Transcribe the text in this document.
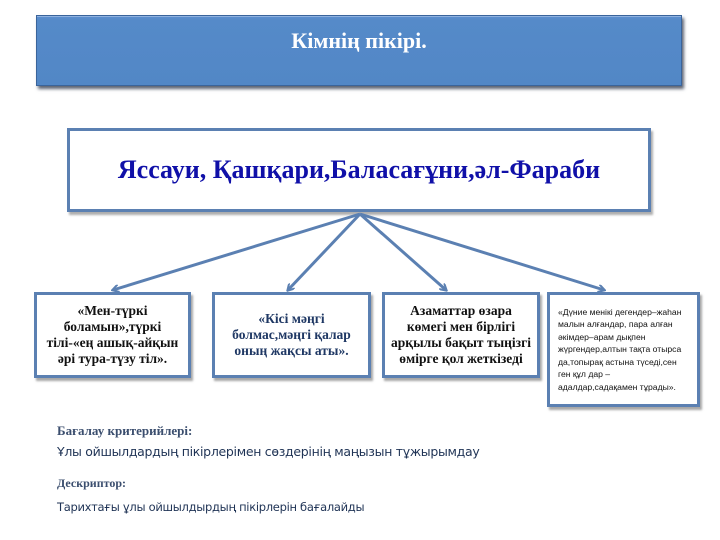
Кімнің пікірі.
Яссауи, Қашқари,Баласағұни,әл-Фараби
«Мен-түркі боламын»,түркі тілі-«ең ашық-айқын әрі тура-түзу тіл».
«Кісі мәңгі болмас,мәңгі қалар оның жақсы аты».
Азаматтар өзара көмегі мен бірлігі арқылы бақыт тыңізгі өмірге қол жеткізеді
«Дүние менікі дегендер–жаһан малын алғандар, пара алған әкімдер–арам дықпен жүргендер,алтын тақта отырса да,топырақ астына түседі,сен ген құл дар –адалдар,садақамен тұрады».
Бағалау критерийлері:
Ұлы ойшылдардың пікірлерімен сөздерінің маңызын тұжырымдау
Дескриптор:
Тарихтағы ұлы ойшылдырдың пікірлерін бағалайды
